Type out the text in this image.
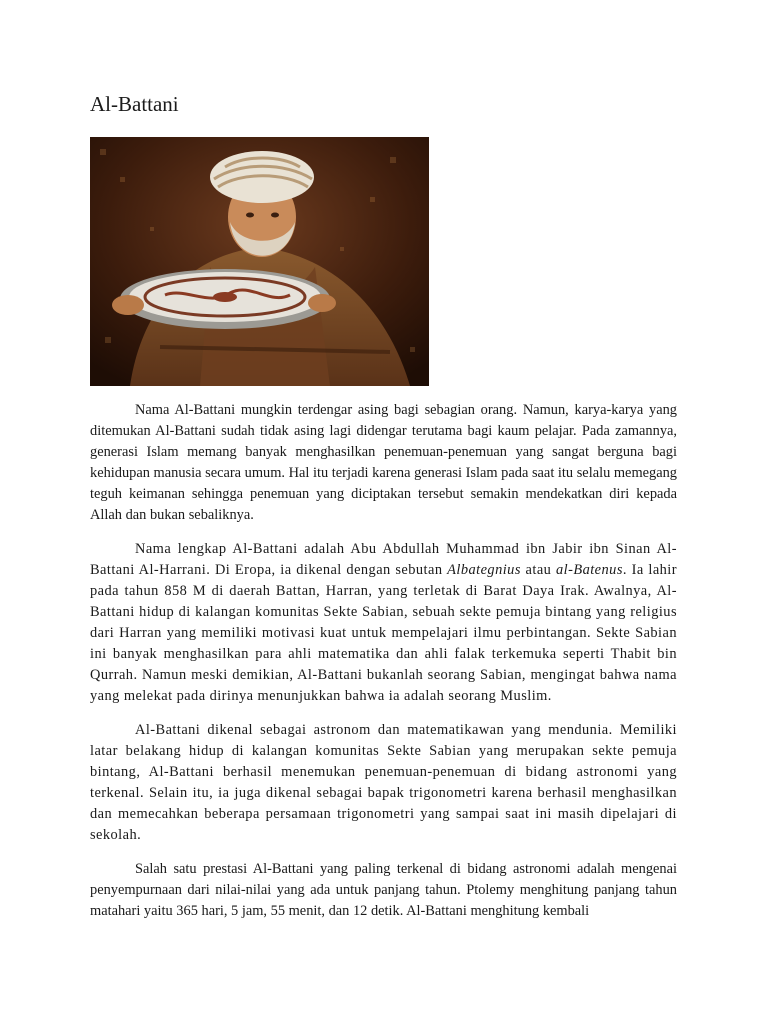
Al-Battani

Nama Al-Battani mungkin terdengar asing bagi sebagian orang. Namun, karya-karya yang ditemukan Al-Battani sudah tidak asing lagi didengar terutama bagi kaum pelajar. Pada zamannya, generasi Islam memang banyak menghasilkan penemuan-penemuan yang sangat berguna bagi kehidupan manusia secara umum. Hal itu terjadi karena generasi Islam pada saat itu selalu memegang teguh keimanan sehingga penemuan yang diciptakan tersebut semakin mendekatkan diri kepada Allah dan bukan sebaliknya.

Nama lengkap Al-Battani adalah Abu Abdullah Muhammad ibn Jabir ibn Sinan Al-Battani Al-Harrani. Di Eropa, ia dikenal dengan sebutan Albategnius atau al-Batenus. Ia lahir pada tahun 858 M di daerah Battan, Harran, yang terletak di Barat Daya Irak. Awalnya, Al-Battani hidup di kalangan komunitas Sekte Sabian, sebuah sekte pemuja bintang yang religius dari Harran yang memiliki motivasi kuat untuk mempelajari ilmu perbintangan. Sekte Sabian ini banyak menghasilkan para ahli matematika dan ahli falak terkemuka seperti Thabit bin Qurrah. Namun meski demikian, Al-Battani bukanlah seorang Sabian, mengingat bahwa nama yang melekat pada dirinya menunjukkan bahwa ia adalah seorang Muslim.

Al-Battani dikenal sebagai astronom dan matematikawan yang mendunia. Memiliki latar belakang hidup di kalangan komunitas Sekte Sabian yang merupakan sekte pemuja bintang, Al-Battani berhasil menemukan penemuan-penemuan di bidang astronomi yang terkenal. Selain itu, ia juga dikenal sebagai bapak trigonometri karena berhasil menghasilkan dan memecahkan beberapa persamaan trigonometri yang sampai saat ini masih dipelajari di sekolah.

Salah satu prestasi Al-Battani yang paling terkenal di bidang astronomi adalah mengenai penyempurnaan dari nilai-nilai yang ada untuk panjang tahun. Ptolemy menghitung panjang tahun matahari yaitu 365 hari, 5 jam, 55 menit, dan 12 detik. Al-Battani menghitung kembali
